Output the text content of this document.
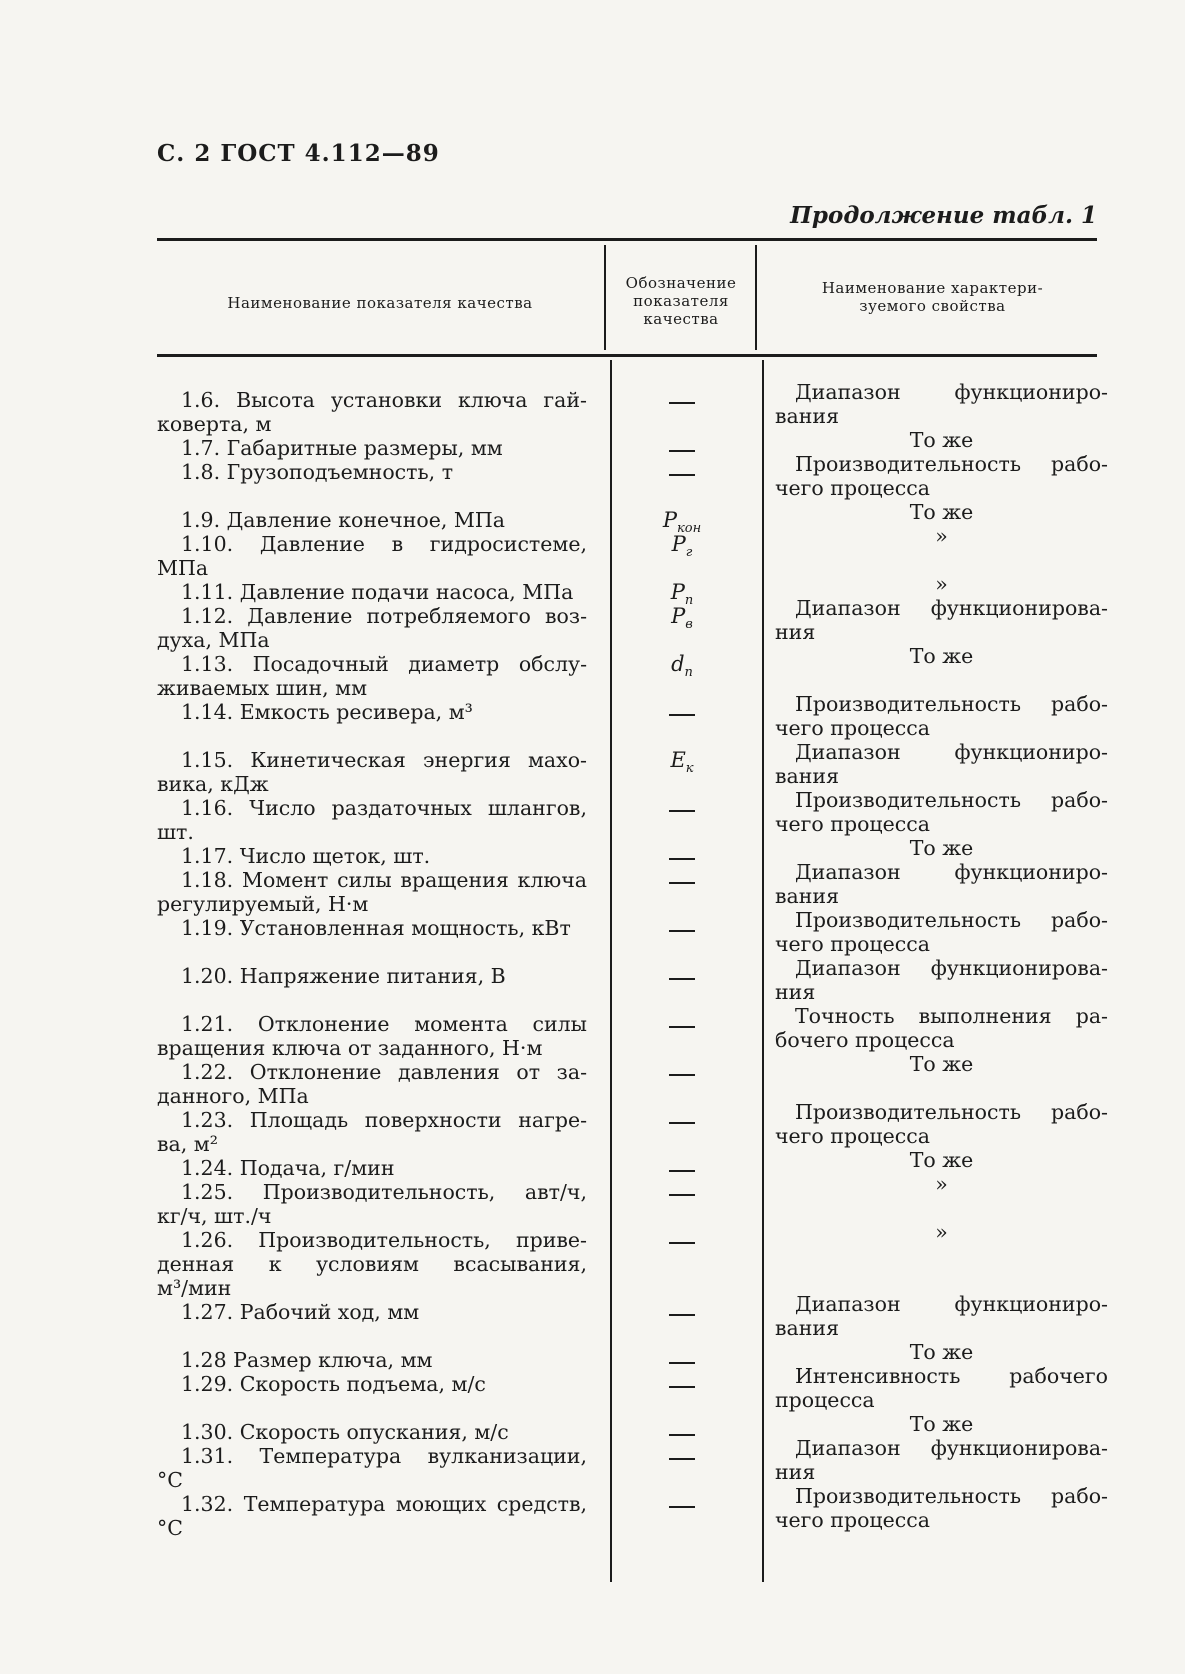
С. 2 ГОСТ 4.112—89
Продолжение табл. 1
Наименование показателя качества
Обозначение
показателя
качества
Наименование характери-
зуемого свойства
1.6. Высота установки ключа гай-
коверта, м
1.7. Габаритные размеры, мм
1.8. Грузоподъемность, т
1.9. Давление конечное, МПа
1.10. Давление в гидросистеме,
МПа
1.11. Давление подачи насоса, МПа
1.12. Давление потребляемого воз-
духа, МПа
1.13. Посадочный диаметр обслу-
живаемых шин, мм
1.14. Емкость ресивера, м³
1.15. Кинетическая энергия махо-
вика, кДж
1.16. Число раздаточных шлангов,
шт.
1.17. Число щеток, шт.
1.18. Момент силы вращения ключа
регулируемый, Н·м
1.19. Установленная мощность, кВт
1.20. Напряжение питания, В
1.21. Отклонение момента силы
вращения ключа от заданного, Н·м
1.22. Отклонение давления от за-
данного, МПа
1.23. Площадь поверхности нагре-
ва, м²
1.24. Подача, г/мин
1.25. Производительность, авт/ч,
кг/ч, шт./ч
1.26. Производительность, приве-
денная к условиям всасывания,
м³/мин
1.27. Рабочий ход, мм
1.28 Размер ключа, мм
1.29. Скорость подъема, м/с
1.30. Скорость опускания, м/с
1.31. Температура вулканизации,
°С
1.32. Температура моющих средств,
°С
$P_{кон}$
$P_г$
$P_п$
$P_в$
$d_п$
$E_к$
Диапазон функциониро-
вания
То же
Производительность рабо-
чего процесса
То же
»
»
Диапазон функционирова-
ния
То же
Производительность рабо-
чего процесса
Диапазон функциониро-
вания
Производительность рабо-
чего процесса
То же
Диапазон функциониро-
вания
Производительность рабо-
чего процесса
Диапазон функционирова-
ния
Точность выполнения ра-
бочего процесса
То же
Производительность рабо-
чего процесса
То же
»
»
Диапазон функциониро-
вания
То же
Интенсивность рабочего
процесса
То же
Диапазон функционирова-
ния
Производительность рабо-
чего процесса
